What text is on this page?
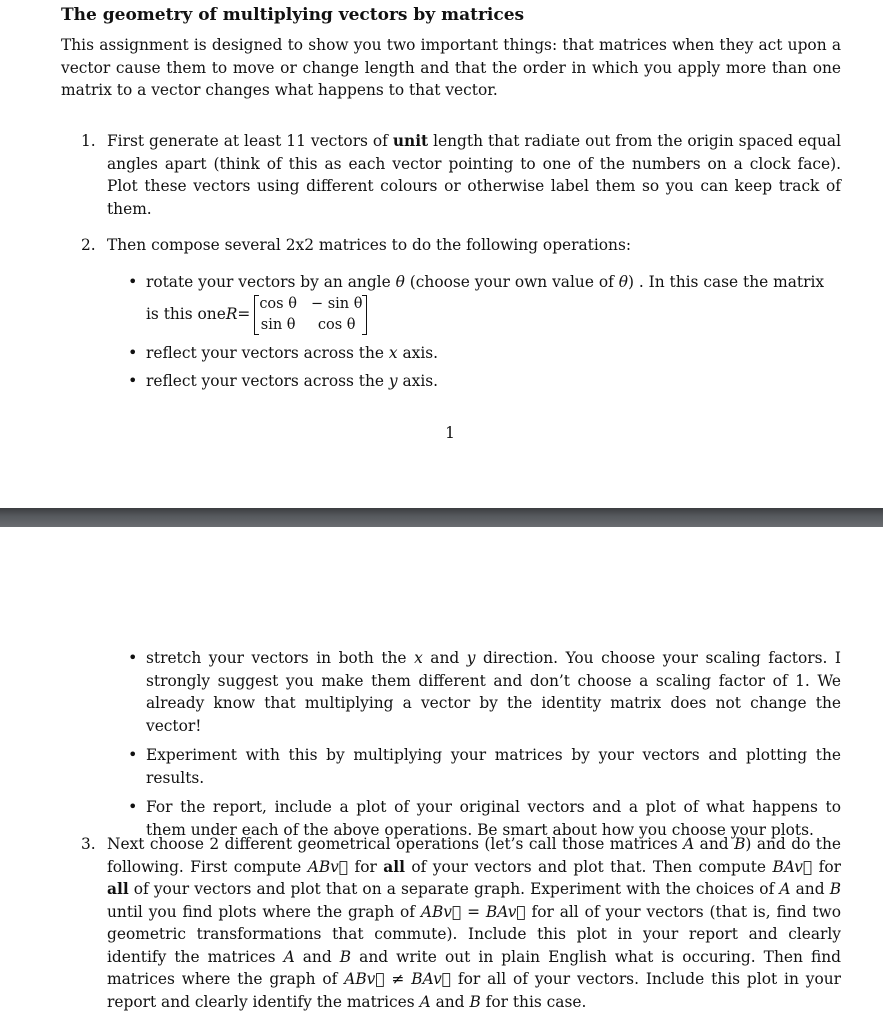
The geometry of multiplying vectors by matrices

This assignment is designed to show you two important things: that matrices when they act upon a vector cause them to move or change length and that the order in which you apply more than one matrix to a vector changes what happens to that vector.

1. First generate at least 11 vectors of unit length that radiate out from the origin spaced equal angles apart (think of this as each vector pointing to one of the numbers on a clock face). Plot these vectors using different colours or otherwise label them so you can keep track of them.
2. Then compose several 2x2 matrices to do the following operations:
• rotate your vectors by an angle θ (choose your own value of θ) . In this case the matrix
is this one R =
cos θ − sin θ
sin θ	cos θ
• reflect your vectors across the x axis.
• reflect your vectors across the y axis.
1
• stretch your vectors in both the x and y direction. You choose your scaling factors. I strongly suggest you make them different and don’t choose a scaling factor of 1. We already know that multiplying a vector by the identity matrix does not change the vector!
• Experiment with this by multiplying your matrices by your vectors and plotting the results.
• For the report, include a plot of your original vectors and a plot of what happens to them under each of the above operations. Be smart about how you choose your plots.
3. Next choose 2 different geometrical operations (let’s call those matrices A and B) and do the following. First compute ABv⃗ for all of your vectors and plot that. Then compute BAv⃗ for all of your vectors and plot that on a separate graph. Experiment with the choices of A and B until you find plots where the graph of ABv⃗ = BAv⃗ for all of your vectors (that is, find two geometric transformations that commute). Include this plot in your report and clearly identify the matrices A and B and write out in plain English what is occuring. Then find matrices where the graph of ABv⃗ ≠ BAv⃗ for all of your vectors. Include this plot in your report and clearly identify the matrices A and B for this case.
